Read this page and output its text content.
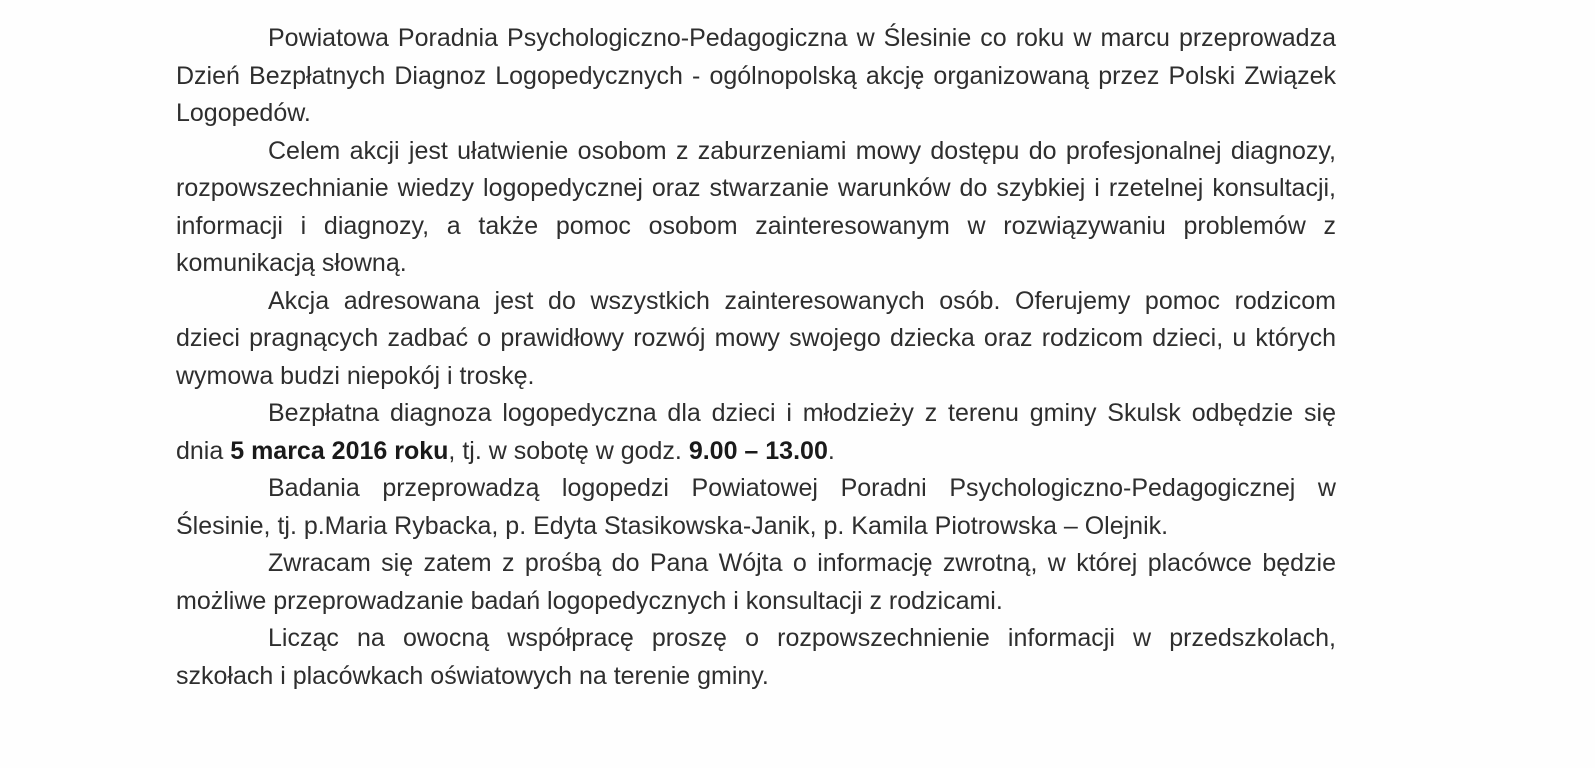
Powiatowa Poradnia Psychologiczno-Pedagogiczna w Ślesinie co roku w marcu przeprowadza Dzień Bezpłatnych Diagnoz Logopedycznych - ogólnopolską akcję organizowaną przez Polski Związek Logopedów.

Celem akcji jest ułatwienie osobom z zaburzeniami mowy dostępu do profesjonalnej diagnozy, rozpowszechnianie wiedzy logopedycznej oraz stwarzanie warunków do szybkiej i rzetelnej konsultacji, informacji i diagnozy, a także pomoc osobom zainteresowanym w rozwiązywaniu problemów z komunikacją słowną.

Akcja adresowana jest do wszystkich zainteresowanych osób. Oferujemy pomoc rodzicom dzieci pragnących zadbać o prawidłowy rozwój mowy swojego dziecka oraz rodzicom dzieci, u których wymowa budzi niepokój i troskę.

Bezpłatna diagnoza logopedyczna dla dzieci i młodzieży z terenu gminy Skulsk odbędzie się dnia 5 marca 2016 roku, tj. w sobotę w godz. 9.00 – 13.00.

Badania przeprowadzą logopedzi Powiatowej Poradni Psychologiczno-Pedagogicznej w Ślesinie, tj. p.Maria Rybacka, p. Edyta Stasikowska-Janik, p. Kamila Piotrowska – Olejnik.

Zwracam się zatem z prośbą do Pana Wójta o informację zwrotną, w której placówce będzie możliwe przeprowadzanie badań logopedycznych i konsultacji z rodzicami.

Licząc na owocną współpracę proszę o rozpowszechnienie informacji w przedszkolach, szkołach i placówkach oświatowych na terenie gminy.
